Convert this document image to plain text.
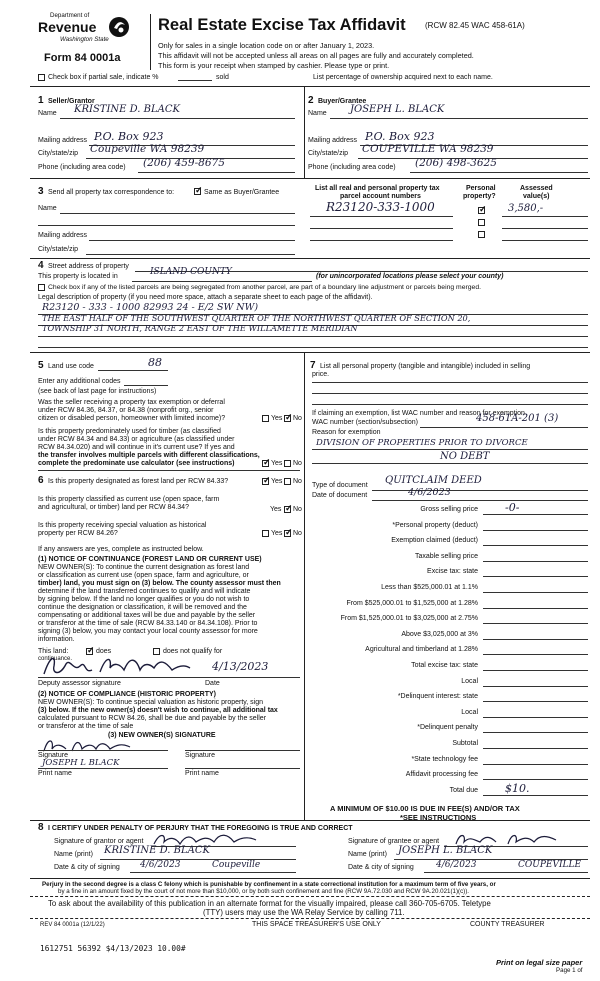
Department of
Revenue
Washington State
Form 84 0001a
Real Estate Excise Tax Affidavit (RCW 82.45 WAC 458-61A)
Only for sales in a single location code on or after January 1, 2023.
This affidavit will not be accepted unless all areas on all pages are fully and accurately completed.
This form is your receipt when stamped by cashier. Please type or print.
Check box if partial sale, indicate %	sold	List percentage of ownership acquired next to each name.
1 Seller/Grantor
Name KRISTINE D. BLACK
Mailing address P.O. Box 923
City/state/zip Coupeville WA 98239
Phone (including area code) (206) 459-8675
2 Buyer/Grantee
Name JOSEPH L. BLACK
Mailing address P.O. Box 923
City/state/zip COUPEVILLE WA 98239
Phone (including area code) (206) 498-3625
3 Send all property tax correspondence to: ✓	Same as Buyer/Grantee
Name
Mailing address
City/state/zip
List all real and personal property tax
parcel account numbers
Personal
property?
Assessed
value(s)
R23120-333-1000 ✓	3,580,-
4 Street address of property
This property is located in	ISLAND COUNTY	(for unincorporated locations please select your county)
Check box if any of the listed parcels are being segregated from another parcel, are part of a boundary line adjustment or parcels being merged.
Legal description of property (if you need more space, attach a separate sheet to each page of the affidavit).
R23120 - 333 - 1000 82993 24 - E/2 SW NW)
THE EAST HALF OF THE SOUTHWEST QUARTER OF THE NORTHWEST QUARTER OF SECTION 20,
TOWNSHIP 31 NORTH, RANGE 2 EAST OF THE WILLAMETTE MERIDIAN
5 Land use code	88
Enter any additional codes
(see back of last page for instructions)
Was the seller receiving a property tax exemption or deferral
under RCW 84.36, 84.37, or 84.38 (nonprofit org., senior
citizen or disabled person, homeowner with limited income)?	Yes ✓ No
Is this property predominately used for timber (as classified
under RCW 84.34 and 84.33) or agriculture (as classified under
RCW 84.34.020) and will continue in it's current use? If yes and
the transfer involves multiple parcels with different classifications,
complete the predominate use calculator (see instructions) ✓	Yes No
6 Is this property designated as forest land per RCW 84.33? ✓	Yes No
Is this property classified as current use (open space, farm
and agricultural, or timber) land per RCW 84.34?	Yes ✓ No
Is this property receiving special valuation as historical
property per RCW 84.26?	Yes ✓ No
If any answers are yes, complete as instructed below.
(1) NOTICE OF CONTINUANCE (FOREST LAND OR CURRENT USE)
NEW OWNER(S): To continue the current designation as forest land
or classification as current use (open space, farm and agriculture, or
timber) land, you must sign on (3) below. The county assessor must then
determine if the land transferred continues to qualify and will indicate
by signing below. If the land no longer qualifies or you do not wish to
continue the designation or classification, it will be removed and the
compensating or additional taxes will be due and payable by the seller
or transferor at the time of sale (RCW 84.33.140 or 84.34.108). Prior to
signing (3) below, you may contact your local county assessor for more
information.
This land: ✓	does	does not qualify for
continuance.
4/13/2023
Deputy assessor signature	Date
(2) NOTICE OF COMPLIANCE (HISTORIC PROPERTY)
NEW OWNER(S): To continue special valuation as historic property, sign
(3) below. If the new owner(s) doesn't wish to continue, all additional tax
calculated pursuant to RCW 84.26, shall be due and payable by the seller
or transferor at the time of sale
(3) NEW OWNER(S) SIGNATURE
Signature	Signature
JOSEPH L BLACK
Print name	Print name
7 List all personal property (tangible and intangible) included in selling
price.
If claiming an exemption, list WAC number and reason for exemption.
WAC number (section/subsection)	458-61A-201 (3)
Reason for exemption
DIVISION OF PROPERTIES PRIOR TO DIVORCE
NO DEBT
Type of document QUITCLAIM DEED
Date of document	4/6/2023
Gross selling price -0-
*Personal property (deduct)
Exemption claimed (deduct)
Taxable selling price
Excise tax: state
Less than $525,000.01 at 1.1%
From $525,000.01 to $1,525,000 at 1.28%
From $1,525,000.01 to $3,025,000 at 2.75%
Above $3,025,000 at 3%
Agricultural and timberland at 1.28%
Total excise tax: state
Local
*Delinquent interest: state
Local
*Delinquent penalty
Subtotal
*State technology fee
Affidavit processing fee
Total due $10.
A MINIMUM OF $10.00 IS DUE IN FEE(S) AND/OR TAX
*SEE INSTRUCTIONS
8 I CERTIFY UNDER PENALTY OF PERJURY THAT THE FOREGOING IS TRUE AND CORRECT
Signature of grantor or agent
Name (print) KRISTINE D. BLACK
Date & city of signing 4/6/2023	Coupeville
Signature of grantee or agent
Name (print) JOSEPH L. BLACK
Date & city of signing 4/6/2023	COUPEVILLE
Perjury in the second degree is a class C felony which is punishable by confinement in a state correctional institution for a maximum term of five years, or
by a fine in an amount fixed by the court of not more than $10,000, or by both such confinement and fine (RCW 9A.72.030 and RCW 9A.20.021(1)(c)).
To ask about the availability of this publication in an alternate format for the visually impaired, please call 360-705-6705. Teletype
(TTY) users may use the WA Relay Service by calling 711.
REV 84 0001a (12/1/22)	THIS SPACE TREASURER'S USE ONLY	COUNTY TREASURER
1612751 56392 $4/13/2023 10.00#
Print on legal size paper
Page 1 of
